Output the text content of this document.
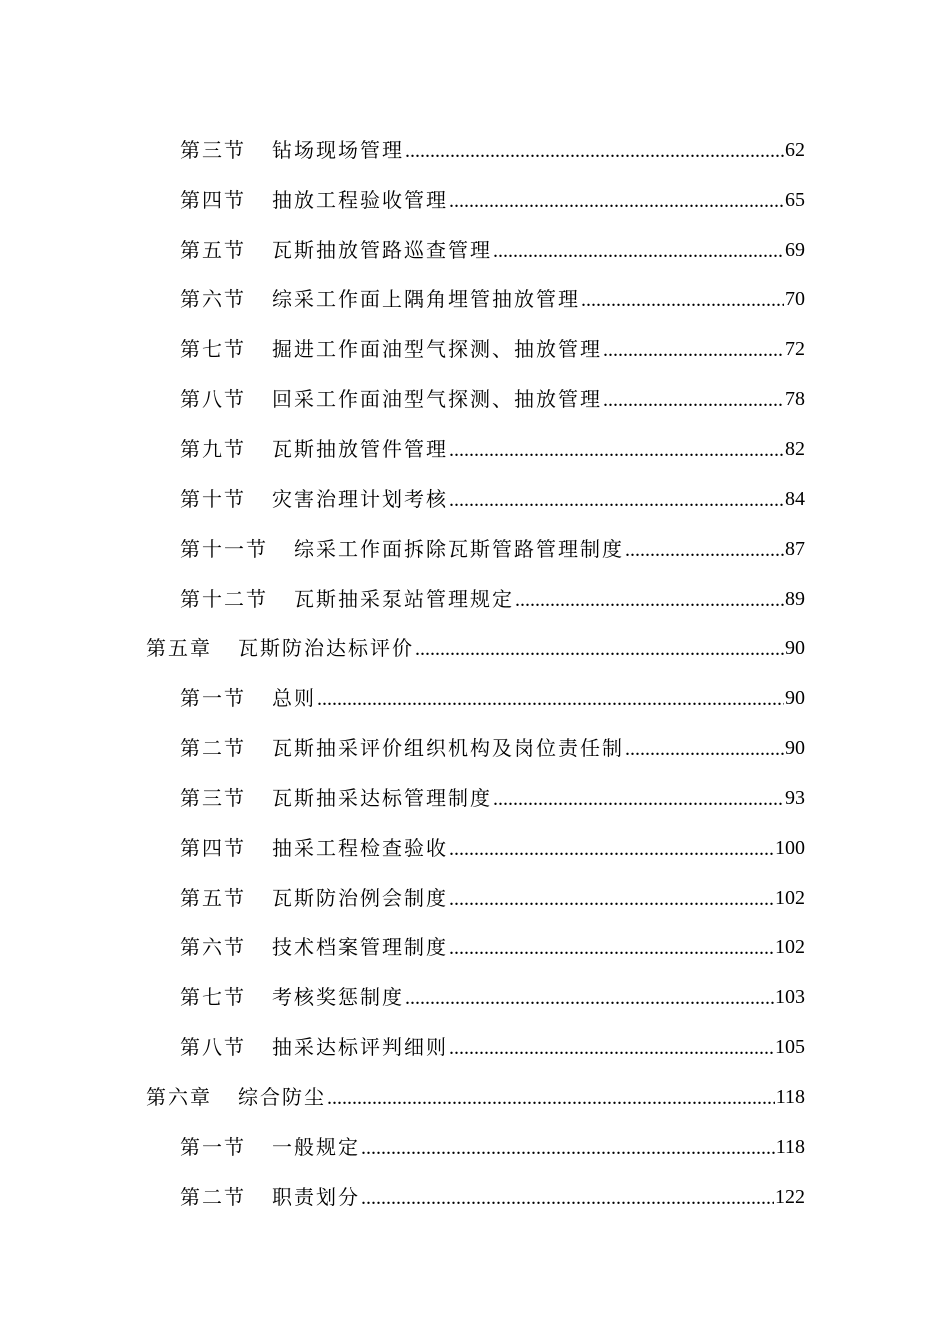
第三节 钻场现场管理 .....	62
第四节 抽放工程验收管理 .....	65
第五节 瓦斯抽放管路巡查管理 .....	69
第六节 综采工作面上隅角埋管抽放管理 .....	70
第七节 掘进工作面油型气探测、抽放管理 .....	72
第八节 回采工作面油型气探测、抽放管理 .....	78
第九节 瓦斯抽放管件管理 .....	82
第十节 灾害治理计划考核 .....	84
第十一节 综采工作面拆除瓦斯管路管理制度 .....	87
第十二节 瓦斯抽采泵站管理规定 .....	89
第五章 瓦斯防治达标评价 .....	90
第一节 总则 .....	90
第二节 瓦斯抽采评价组织机构及岗位责任制 .....	90
第三节 瓦斯抽采达标管理制度 .....	93
第四节 抽采工程检查验收 .....	100
第五节 瓦斯防治例会制度 .....	102
第六节 技术档案管理制度 .....	102
第七节 考核奖惩制度 .....	103
第八节 抽采达标评判细则 .....	105
第六章 综合防尘 .....	118
第一节 一般规定 .....	118
第二节 职责划分 .....	122
